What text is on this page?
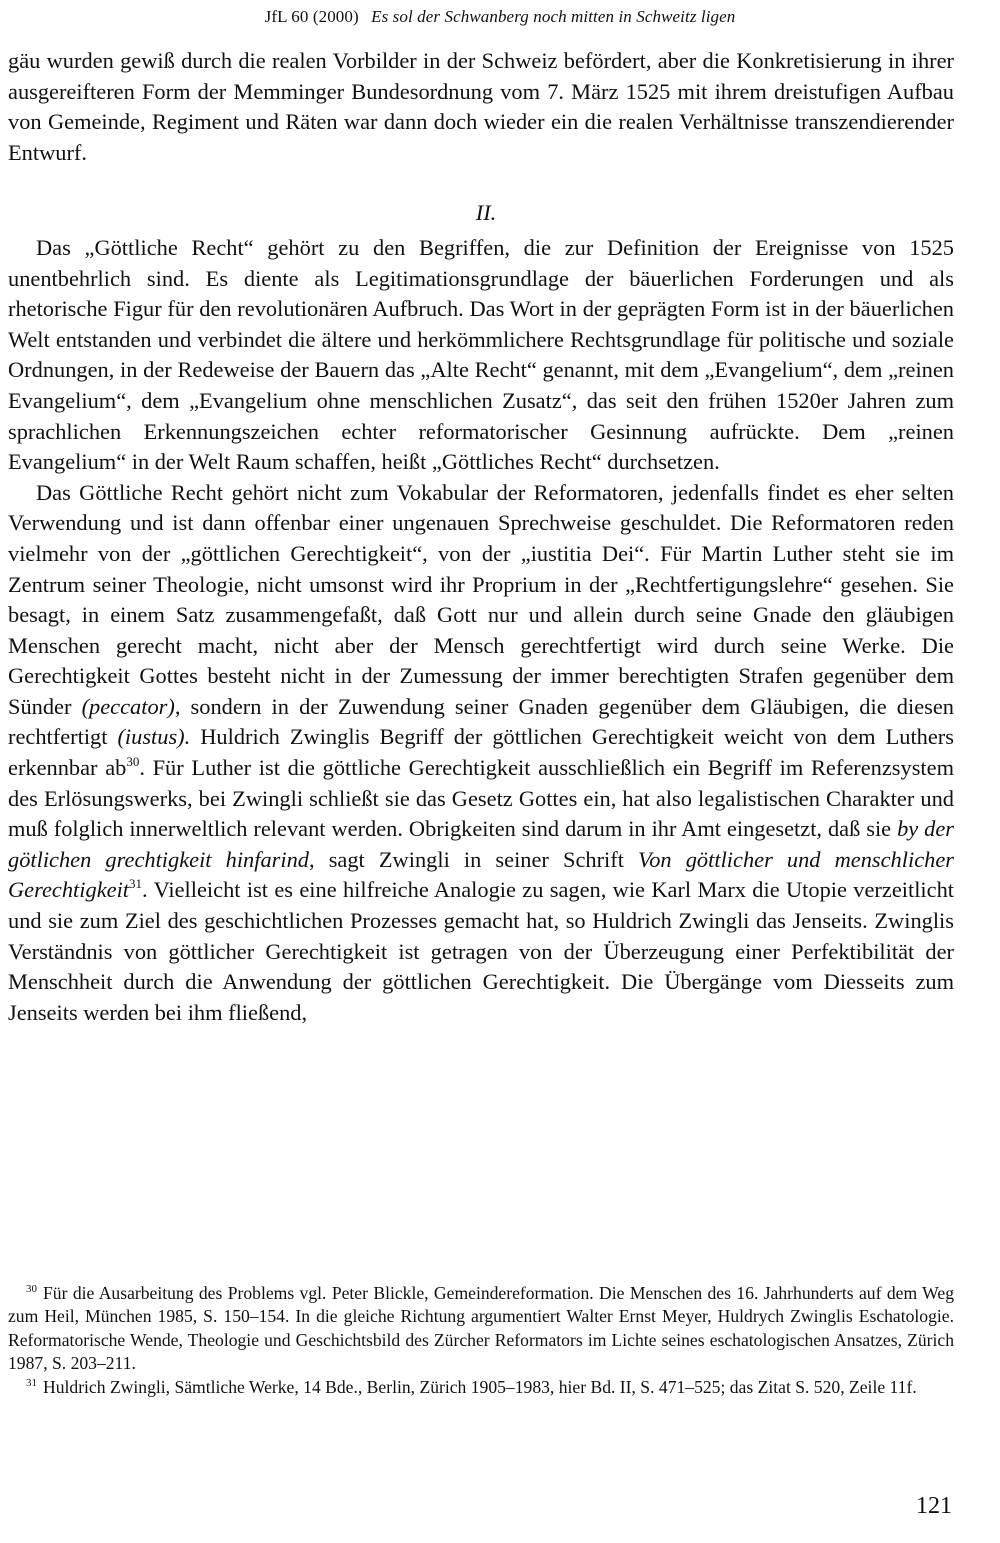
JfL 60 (2000) Es sol der Schwanberg noch mitten in Schweitz ligen

gäu wurden gewiß durch die realen Vorbilder in der Schweiz befördert, aber die Konkretisierung in ihrer ausgereifteren Form der Memminger Bundesordnung vom 7. März 1525 mit ihrem dreistufigen Aufbau von Gemeinde, Regiment und Räten war dann doch wieder ein die realen Verhältnisse transzendierender Entwurf.

II.

Das „Göttliche Recht“ gehört zu den Begriffen, die zur Definition der Ereignisse von 1525 unentbehrlich sind. Es diente als Legitimationsgrundlage der bäuerlichen Forderungen und als rhetorische Figur für den revolutionären Aufbruch. Das Wort in der geprägten Form ist in der bäuerlichen Welt entstanden und verbindet die ältere und herkömmlichere Rechtsgrundlage für politische und soziale Ordnungen, in der Redeweise der Bauern das „Alte Recht“ genannt, mit dem „Evangelium“, dem „reinen Evangelium“, dem „Evangelium ohne menschlichen Zusatz“, das seit den frühen 1520er Jahren zum sprachlichen Erkennungszeichen echter reformatorischer Gesinnung aufrückte. Dem „reinen Evangelium“ in der Welt Raum schaffen, heißt „Göttliches Recht“ durchsetzen.

Das Göttliche Recht gehört nicht zum Vokabular der Reformatoren, jedenfalls findet es eher selten Verwendung und ist dann offenbar einer ungenauen Sprechweise geschuldet. Die Reformatoren reden vielmehr von der „göttlichen Gerechtigkeit“, von der „iustitia Dei“. Für Martin Luther steht sie im Zentrum seiner Theologie, nicht umsonst wird ihr Proprium in der „Rechtfertigungslehre“ gesehen. Sie besagt, in einem Satz zusammengefaßt, daß Gott nur und allein durch seine Gnade den gläubigen Menschen gerecht macht, nicht aber der Mensch gerechtfertigt wird durch seine Werke. Die Gerechtigkeit Gottes besteht nicht in der Zumessung der immer berechtigten Strafen gegenüber dem Sünder (peccator), sondern in der Zuwendung seiner Gnaden gegenüber dem Gläubigen, die diesen rechtfertigt (iustus). Huldrich Zwinglis Begriff der göttlichen Gerechtigkeit weicht von dem Luthers erkennbar $ab^{30}$. Für Luther ist die göttliche Gerechtigkeit ausschließlich ein Begriff im Referenzsystem des Erlösungswerks, bei Zwingli schließt sie das Gesetz Gottes ein, hat also legalistischen Charakter und muß folglich innerweltlich relevant werden. Obrigkeiten sind darum in ihr Amt eingesetzt, daß sie by der götlichen grechtigkeit hinfarind, sagt Zwingli in seiner Schrift Von göttlicher und menschlicher Gerechtigkeit$^{31}$. Vielleicht ist es eine hilfreiche Analogie zu sagen, wie Karl Marx die Utopie verzeitlicht und sie zum Ziel des geschichtlichen Prozesses gemacht hat, so Huldrich Zwingli das Jenseits. Zwinglis Verständnis von göttlicher Gerechtigkeit ist getragen von der Überzeugung einer Perfektibilität der Menschheit durch die Anwendung der göttlichen Gerechtigkeit. Die Übergänge vom Diesseits zum Jenseits werden bei ihm fließend,

$^{30}$ Für die Ausarbeitung des Problems vgl. Peter Blickle, Gemeindereformation. Die Menschen des 16. Jahrhunderts auf dem Weg zum Heil, München 1985, S. 150–154. In die gleiche Richtung argumentiert Walter Ernst Meyer, Huldrych Zwinglis Eschatologie. Reformatorische Wende, Theologie und Geschichtsbild des Zürcher Reformators im Lichte seines eschatologischen Ansatzes, Zürich 1987, S. 203–211.

$^{31}$ Huldrich Zwingli, Sämtliche Werke, 14 Bde., Berlin, Zürich 1905–1983, hier Bd. II, S. 471–525; das Zitat S. 520, Zeile 11f.

121
